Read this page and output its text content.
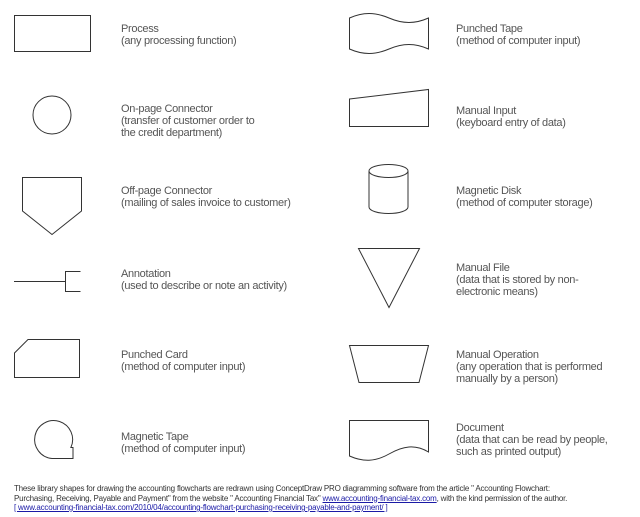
Process
(any processing function)
On-page Connector
(transfer of customer order to
the credit department)
Off-page Connector
(mailing of sales invoice to customer)
Annotation
(used to describe or note an activity)
Punched Card
(method of computer input)
Magnetic Tape
(method of computer input)
Punched Tape
(method of computer input)
Manual Input
(keyboard entry of data)
Magnetic Disk
(method of computer storage)
Manual File
(data that is stored by non-
electronic means)
Manual Operation
(any operation that is performed
manually by a person)
Document
(data that can be read by people,
such as printed output)
These library shapes for drawing the accounting flowcharts are redrawn using ConceptDraw PRO diagramming software from the article " Accounting Flowchart:
Purchasing, Receiving, Payable and Payment" from the website " Accounting Financial Tax" www.accounting-financial-tax.com, with the kind permission of the author.
[ www.accounting-financial-tax.com/2010/04/accounting-flowchart-purchasing-receiving-payable-and-payment/ ]
